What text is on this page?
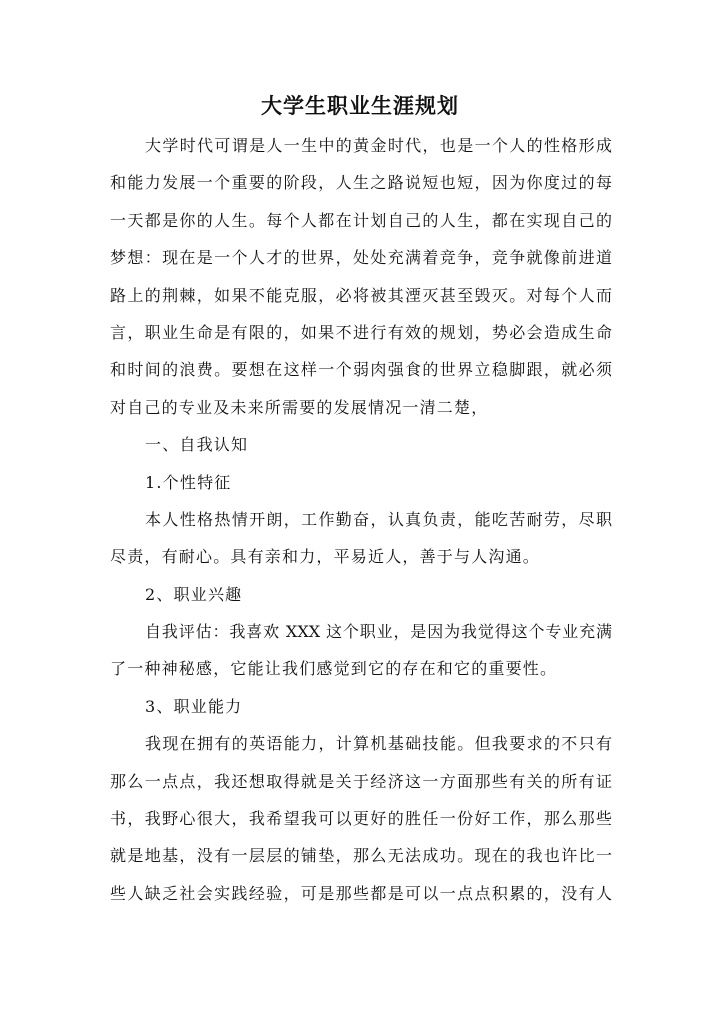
大学生职业生涯规划
大学时代可谓是人一生中的黄金时代，也是一个人的性格形成
和能力发展一个重要的阶段，人生之路说短也短，因为你度过的每
一天都是你的人生。每个人都在计划自己的人生，都在实现自己的
梦想：现在是一个人才的世界，处处充满着竞争，竞争就像前进道
路上的荆棘，如果不能克服，必将被其湮灭甚至毁灭。对每个人而
言，职业生命是有限的，如果不进行有效的规划，势必会造成生命
和时间的浪费。要想在这样一个弱肉强食的世界立稳脚跟，就必须
对自己的专业及未来所需要的发展情况一清二楚，
一、自我认知
1.个性特征
本人性格热情开朗，工作勤奋，认真负责，能吃苦耐劳，尽职
尽责，有耐心。具有亲和力，平易近人，善于与人沟通。
2、职业兴趣
自我评估：我喜欢 XXX 这个职业，是因为我觉得这个专业充满
了一种神秘感，它能让我们感觉到它的存在和它的重要性。
3、职业能力
我现在拥有的英语能力，计算机基础技能。但我要求的不只有
那么一点点，我还想取得就是关于经济这一方面那些有关的所有证
书，我野心很大，我希望我可以更好的胜任一份好工作，那么那些
就是地基，没有一层层的铺垫，那么无法成功。现在的我也许比一
些人缺乏社会实践经验，可是那些都是可以一点点积累的，没有人
